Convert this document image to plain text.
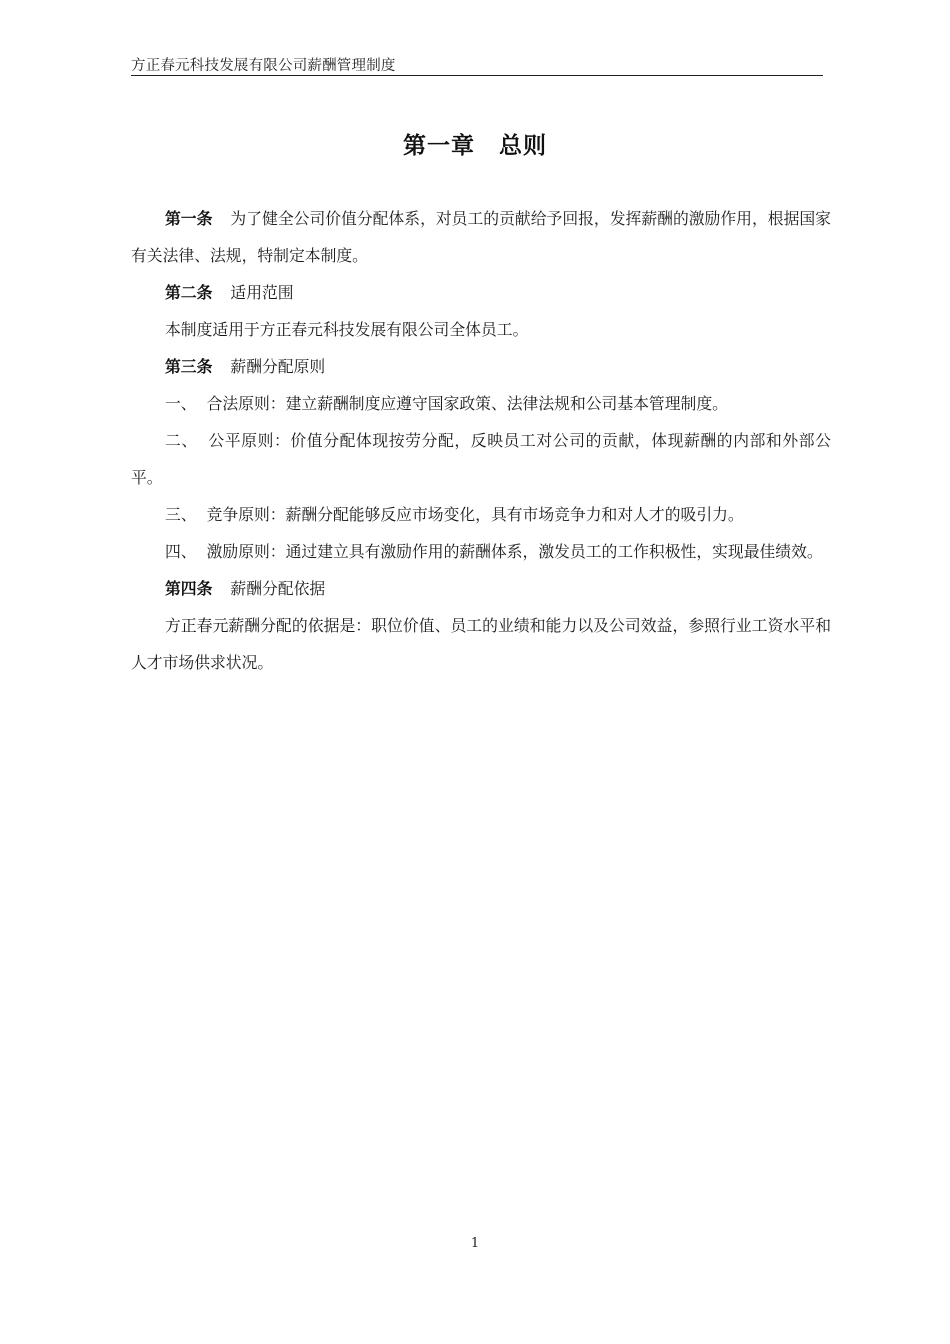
方正春元科技发展有限公司薪酬管理制度
第一章　总则

第一条 为了健全公司价值分配体系，对员工的贡献给予回报，发挥薪酬的激励作用，根据国家有关法律、法规，特制定本制度。

第二条 适用范围

本制度适用于方正春元科技发展有限公司全体员工。

第三条 薪酬分配原则

一、 合法原则：建立薪酬制度应遵守国家政策、法律法规和公司基本管理制度。

二、 公平原则：价值分配体现按劳分配，反映员工对公司的贡献，体现薪酬的内部和外部公平。

三、 竞争原则：薪酬分配能够反应市场变化，具有市场竞争力和对人才的吸引力。

四、 激励原则：通过建立具有激励作用的薪酬体系，激发员工的工作积极性，实现最佳绩效。

第四条 薪酬分配依据

方正春元薪酬分配的依据是：职位价值、员工的业绩和能力以及公司效益，参照行业工资水平和人才市场供求状况。

1
